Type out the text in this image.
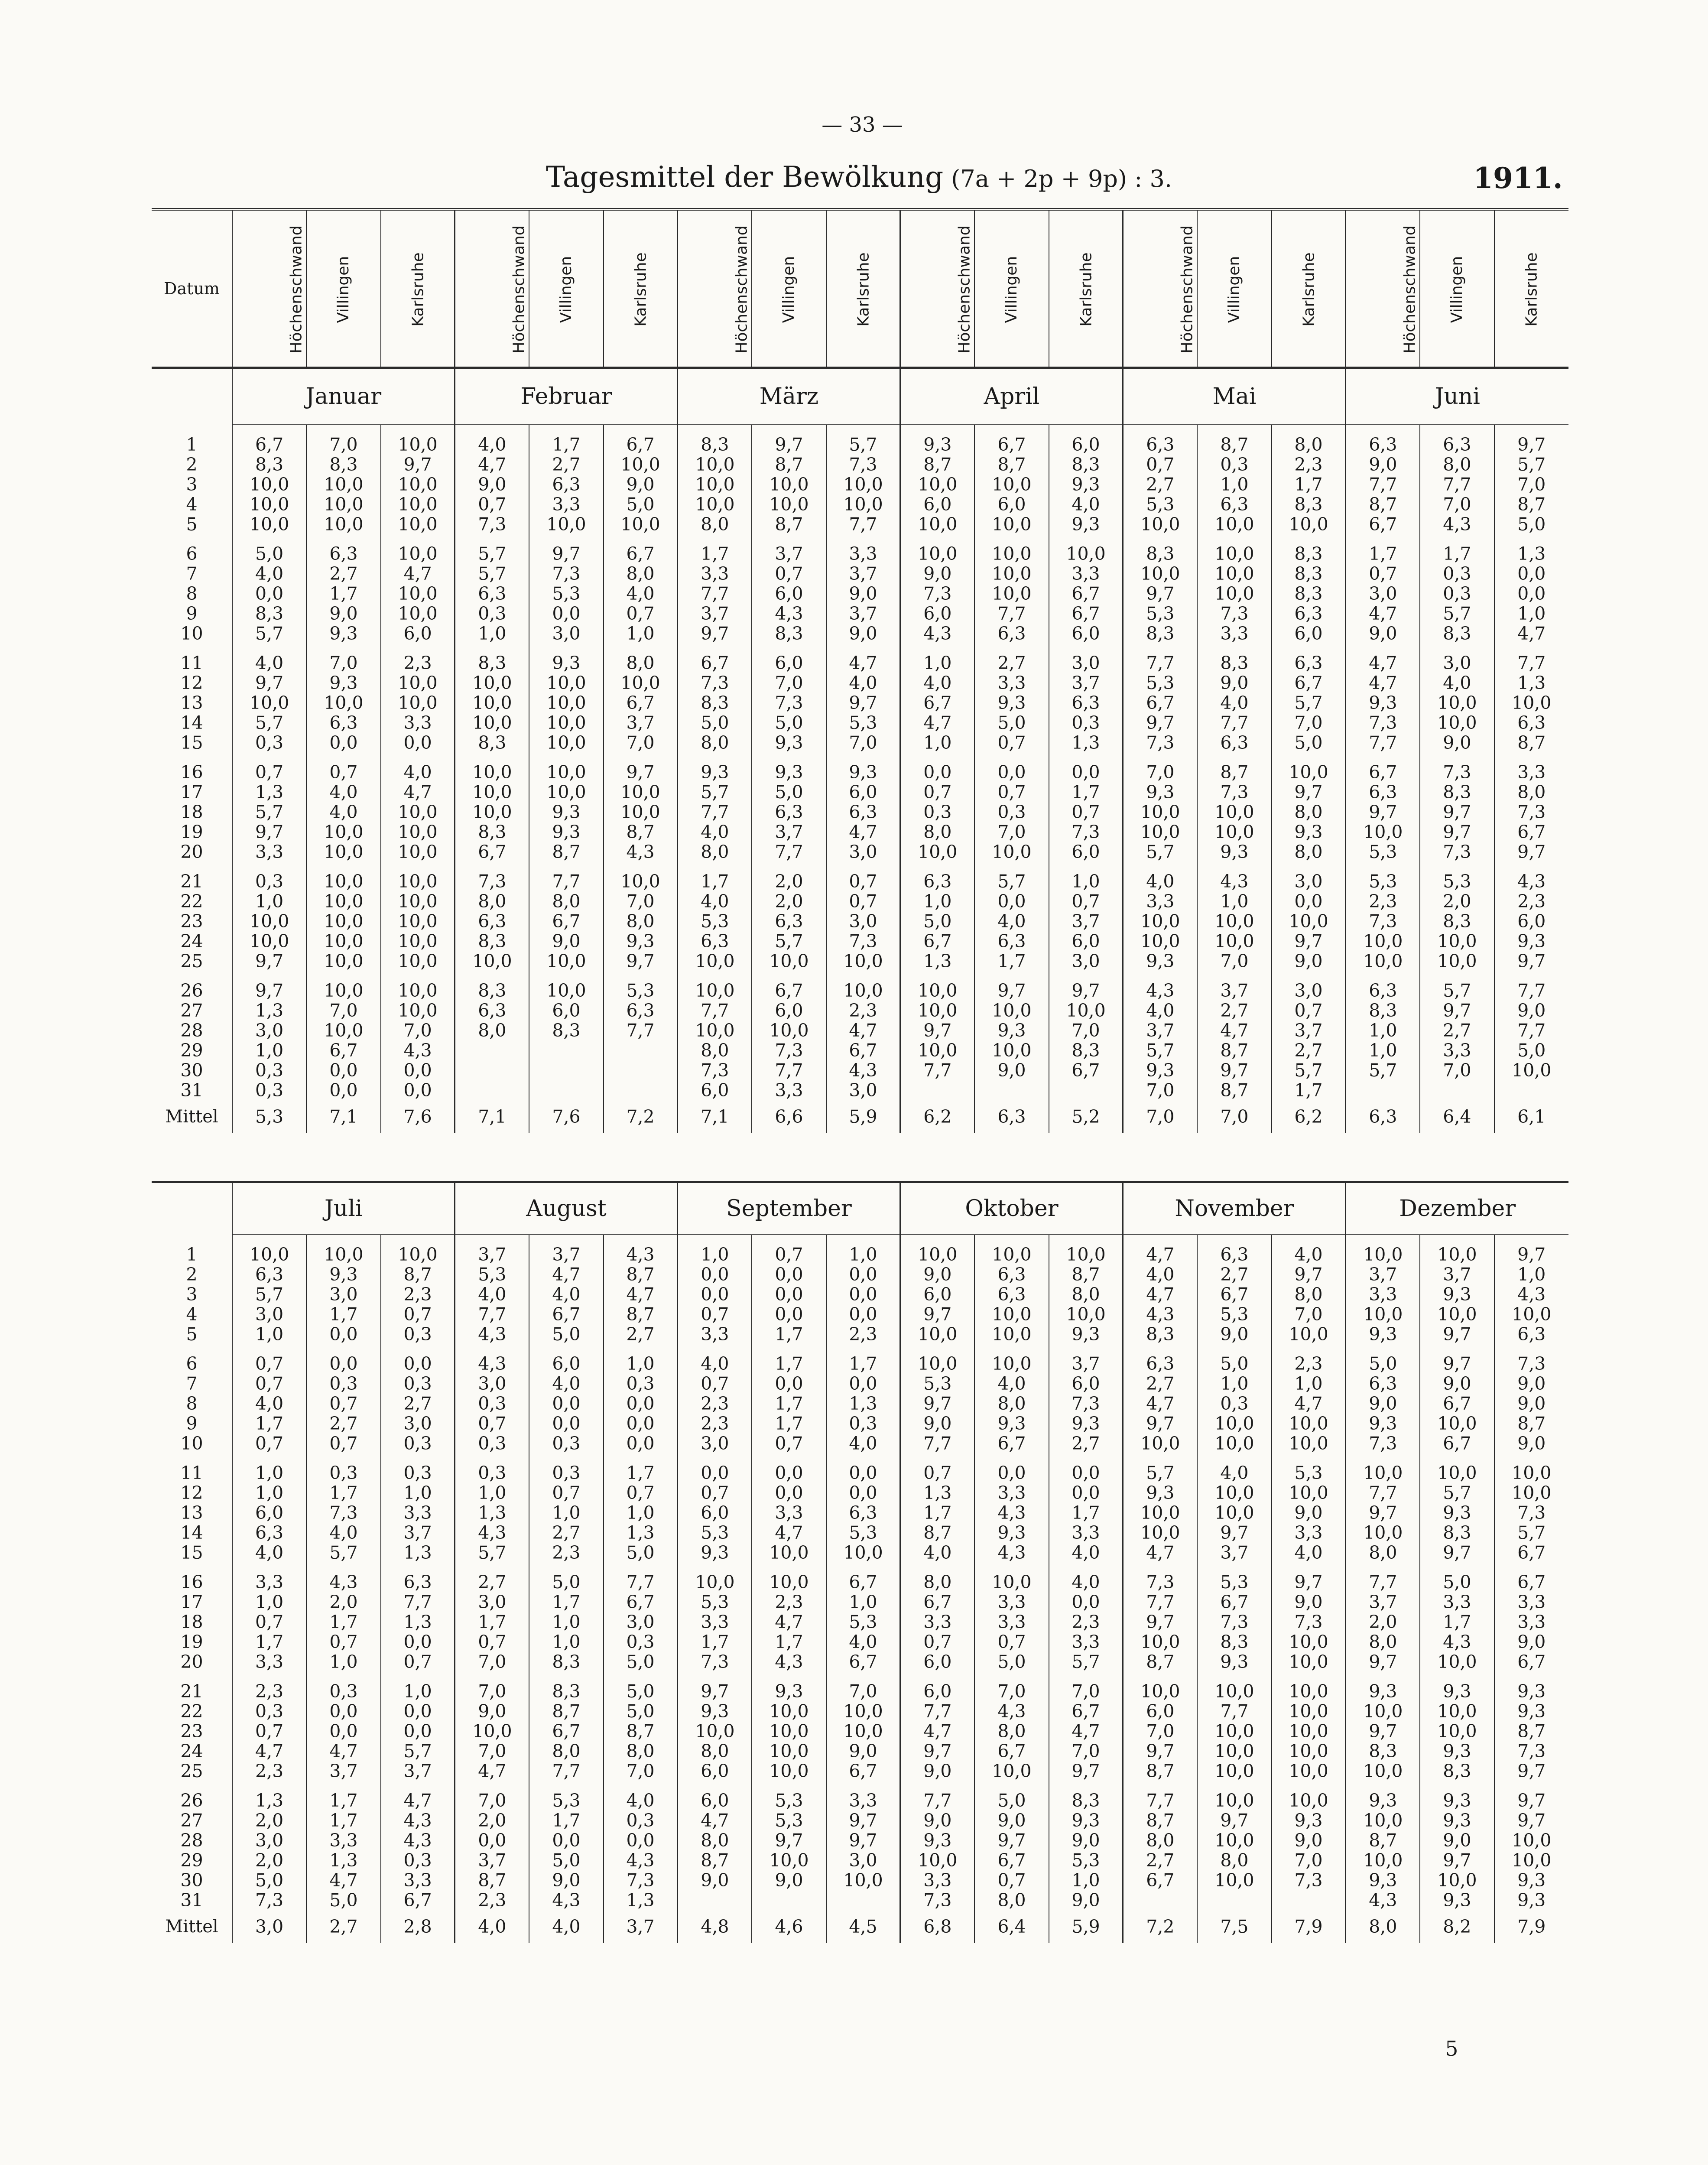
— 33 —
Tagesmittel der Bewölkung (7a + 2p + 9p) : 3.	1911.
Datum	Höchenschwand	Villingen	Karlsruhe	Höchenschwand	Villingen	Karlsruhe	Höchenschwand	Villingen	Karlsruhe	Höchenschwand	Villingen	Karlsruhe	Höchenschwand	Villingen	Karlsruhe	Höchenschwand	Villingen	Karlsruhe
	Januar			Februar			März			April			Mai			Juni		

1	6,7	7,0	10,0	4,0	1,7	6,7	8,3	9,7	5,7	9,3	6,7	6,0	6,3	8,7	8,0	6,3	6,3	9,7
2	8,3	8,3	9,7	4,7	2,7	10,0	10,0	8,7	7,3	8,7	8,7	8,3	0,7	0,3	2,3	9,0	8,0	5,7
3	10,0	10,0	10,0	9,0	6,3	9,0	10,0	10,0	10,0	10,0	10,0	9,3	2,7	1,0	1,7	7,7	7,7	7,0
4	10,0	10,0	10,0	0,7	3,3	5,0	10,0	10,0	10,0	6,0	6,0	4,0	5,3	6,3	8,3	8,7	7,0	8,7
5	10,0	10,0	10,0	7,3	10,0	10,0	8,0	8,7	7,7	10,0	10,0	9,3	10,0	10,0	10,0	6,7	4,3	5,0

6	5,0	6,3	10,0	5,7	9,7	6,7	1,7	3,7	3,3	10,0	10,0	10,0	8,3	10,0	8,3	1,7	1,7	1,3
7	4,0	2,7	4,7	5,7	7,3	8,0	3,3	0,7	3,7	9,0	10,0	3,3	10,0	10,0	8,3	0,7	0,3	0,0
8	0,0	1,7	10,0	6,3	5,3	4,0	7,7	6,0	9,0	7,3	10,0	6,7	9,7	10,0	8,3	3,0	0,3	0,0
9	8,3	9,0	10,0	0,3	0,0	0,7	3,7	4,3	3,7	6,0	7,7	6,7	5,3	7,3	6,3	4,7	5,7	1,0
10	5,7	9,3	6,0	1,0	3,0	1,0	9,7	8,3	9,0	4,3	6,3	6,0	8,3	3,3	6,0	9,0	8,3	4,7

11	4,0	7,0	2,3	8,3	9,3	8,0	6,7	6,0	4,7	1,0	2,7	3,0	7,7	8,3	6,3	4,7	3,0	7,7
12	9,7	9,3	10,0	10,0	10,0	10,0	7,3	7,0	4,0	4,0	3,3	3,7	5,3	9,0	6,7	4,7	4,0	1,3
13	10,0	10,0	10,0	10,0	10,0	6,7	8,3	7,3	9,7	6,7	9,3	6,3	6,7	4,0	5,7	9,3	10,0	10,0
14	5,7	6,3	3,3	10,0	10,0	3,7	5,0	5,0	5,3	4,7	5,0	0,3	9,7	7,7	7,0	7,3	10,0	6,3
15	0,3	0,0	0,0	8,3	10,0	7,0	8,0	9,3	7,0	1,0	0,7	1,3	7,3	6,3	5,0	7,7	9,0	8,7

16	0,7	0,7	4,0	10,0	10,0	9,7	9,3	9,3	9,3	0,0	0,0	0,0	7,0	8,7	10,0	6,7	7,3	3,3
17	1,3	4,0	4,7	10,0	10,0	10,0	5,7	5,0	6,0	0,7	0,7	1,7	9,3	7,3	9,7	6,3	8,3	8,0
18	5,7	4,0	10,0	10,0	9,3	10,0	7,7	6,3	6,3	0,3	0,3	0,7	10,0	10,0	8,0	9,7	9,7	7,3
19	9,7	10,0	10,0	8,3	9,3	8,7	4,0	3,7	4,7	8,0	7,0	7,3	10,0	10,0	9,3	10,0	9,7	6,7
20	3,3	10,0	10,0	6,7	8,7	4,3	8,0	7,7	3,0	10,0	10,0	6,0	5,7	9,3	8,0	5,3	7,3	9,7

21	0,3	10,0	10,0	7,3	7,7	10,0	1,7	2,0	0,7	6,3	5,7	1,0	4,0	4,3	3,0	5,3	5,3	4,3
22	1,0	10,0	10,0	8,0	8,0	7,0	4,0	2,0	0,7	1,0	0,0	0,7	3,3	1,0	0,0	2,3	2,0	2,3
23	10,0	10,0	10,0	6,3	6,7	8,0	5,3	6,3	3,0	5,0	4,0	3,7	10,0	10,0	10,0	7,3	8,3	6,0
24	10,0	10,0	10,0	8,3	9,0	9,3	6,3	5,7	7,3	6,7	6,3	6,0	10,0	10,0	9,7	10,0	10,0	9,3
25	9,7	10,0	10,0	10,0	10,0	9,7	10,0	10,0	10,0	1,3	1,7	3,0	9,3	7,0	9,0	10,0	10,0	9,7

26	9,7	10,0	10,0	8,3	10,0	5,3	10,0	6,7	10,0	10,0	9,7	9,7	4,3	3,7	3,0	6,3	5,7	7,7
27	1,3	7,0	10,0	6,3	6,0	6,3	7,7	6,0	2,3	10,0	10,0	10,0	4,0	2,7	0,7	8,3	9,7	9,0
28	3,0	10,0	7,0	8,0	8,3	7,7	10,0	10,0	4,7	9,7	9,3	7,0	3,7	4,7	3,7	1,0	2,7	7,7
29	1,0	6,7	4,3				8,0	7,3	6,7	10,0	10,0	8,3	5,7	8,7	2,7	1,0	3,3	5,0
30	0,3	0,0	0,0				7,3	7,7	4,3	7,7	9,0	6,7	9,3	9,7	5,7	5,7	7,0	10,0
31	0,3	0,0	0,0				6,0	3,3	3,0				7,0	8,7	1,7			
Mittel	5,3	7,1	7,6	7,1	7,6	7,2	7,1	6,6	5,9	6,2	6,3	5,2	7,0	7,0	6,2	6,3	6,4	6,1

	Juli			August			September			Oktober			November			Dezember		

1	10,0	10,0	10,0	3,7	3,7	4,3	1,0	0,7	1,0	10,0	10,0	10,0	4,7	6,3	4,0	10,0	10,0	9,7
2	6,3	9,3	8,7	5,3	4,7	8,7	0,0	0,0	0,0	9,0	6,3	8,7	4,0	2,7	9,7	3,7	3,7	1,0
3	5,7	3,0	2,3	4,0	4,0	4,7	0,0	0,0	0,0	6,0	6,3	8,0	4,7	6,7	8,0	3,3	9,3	4,3
4	3,0	1,7	0,7	7,7	6,7	8,7	0,7	0,0	0,0	9,7	10,0	10,0	4,3	5,3	7,0	10,0	10,0	10,0
5	1,0	0,0	0,3	4,3	5,0	2,7	3,3	1,7	2,3	10,0	10,0	9,3	8,3	9,0	10,0	9,3	9,7	6,3

6	0,7	0,0	0,0	4,3	6,0	1,0	4,0	1,7	1,7	10,0	10,0	3,7	6,3	5,0	2,3	5,0	9,7	7,3
7	0,7	0,3	0,3	3,0	4,0	0,3	0,7	0,0	0,0	5,3	4,0	6,0	2,7	1,0	1,0	6,3	9,0	9,0
8	4,0	0,7	2,7	0,3	0,0	0,0	2,3	1,7	1,3	9,7	8,0	7,3	4,7	0,3	4,7	9,0	6,7	9,0
9	1,7	2,7	3,0	0,7	0,0	0,0	2,3	1,7	0,3	9,0	9,3	9,3	9,7	10,0	10,0	9,3	10,0	8,7
10	0,7	0,7	0,3	0,3	0,3	0,0	3,0	0,7	4,0	7,7	6,7	2,7	10,0	10,0	10,0	7,3	6,7	9,0

11	1,0	0,3	0,3	0,3	0,3	1,7	0,0	0,0	0,0	0,7	0,0	0,0	5,7	4,0	5,3	10,0	10,0	10,0
12	1,0	1,7	1,0	1,0	0,7	0,7	0,7	0,0	0,0	1,3	3,3	0,0	9,3	10,0	10,0	7,7	5,7	10,0
13	6,0	7,3	3,3	1,3	1,0	1,0	6,0	3,3	6,3	1,7	4,3	1,7	10,0	10,0	9,0	9,7	9,3	7,3
14	6,3	4,0	3,7	4,3	2,7	1,3	5,3	4,7	5,3	8,7	9,3	3,3	10,0	9,7	3,3	10,0	8,3	5,7
15	4,0	5,7	1,3	5,7	2,3	5,0	9,3	10,0	10,0	4,0	4,3	4,0	4,7	3,7	4,0	8,0	9,7	6,7

16	3,3	4,3	6,3	2,7	5,0	7,7	10,0	10,0	6,7	8,0	10,0	4,0	7,3	5,3	9,7	7,7	5,0	6,7
17	1,0	2,0	7,7	3,0	1,7	6,7	5,3	2,3	1,0	6,7	3,3	0,0	7,7	6,7	9,0	3,7	3,3	3,3
18	0,7	1,7	1,3	1,7	1,0	3,0	3,3	4,7	5,3	3,3	3,3	2,3	9,7	7,3	7,3	2,0	1,7	3,3
19	1,7	0,7	0,0	0,7	1,0	0,3	1,7	1,7	4,0	0,7	0,7	3,3	10,0	8,3	10,0	8,0	4,3	9,0
20	3,3	1,0	0,7	7,0	8,3	5,0	7,3	4,3	6,7	6,0	5,0	5,7	8,7	9,3	10,0	9,7	10,0	6,7

21	2,3	0,3	1,0	7,0	8,3	5,0	9,7	9,3	7,0	6,0	7,0	7,0	10,0	10,0	10,0	9,3	9,3	9,3
22	0,3	0,0	0,0	9,0	8,7	5,0	9,3	10,0	10,0	7,7	4,3	6,7	6,0	7,7	10,0	10,0	10,0	9,3
23	0,7	0,0	0,0	10,0	6,7	8,7	10,0	10,0	10,0	4,7	8,0	4,7	7,0	10,0	10,0	9,7	10,0	8,7
24	4,7	4,7	5,7	7,0	8,0	8,0	8,0	10,0	9,0	9,7	6,7	7,0	9,7	10,0	10,0	8,3	9,3	7,3
25	2,3	3,7	3,7	4,7	7,7	7,0	6,0	10,0	6,7	9,0	10,0	9,7	8,7	10,0	10,0	10,0	8,3	9,7

26	1,3	1,7	4,7	7,0	5,3	4,0	6,0	5,3	3,3	7,7	5,0	8,3	7,7	10,0	10,0	9,3	9,3	9,7
27	2,0	1,7	4,3	2,0	1,7	0,3	4,7	5,3	9,7	9,0	9,0	9,3	8,7	9,7	9,3	10,0	9,3	9,7
28	3,0	3,3	4,3	0,0	0,0	0,0	8,0	9,7	9,7	9,3	9,7	9,0	8,0	10,0	9,0	8,7	9,0	10,0
29	2,0	1,3	0,3	3,7	5,0	4,3	8,7	10,0	3,0	10,0	6,7	5,3	2,7	8,0	7,0	10,0	9,7	10,0
30	5,0	4,7	3,3	8,7	9,0	7,3	9,0	9,0	10,0	3,3	0,7	1,0	6,7	10,0	7,3	9,3	10,0	9,3
31	7,3	5,0	6,7	2,3	4,3	1,3				7,3	8,0	9,0				4,3	9,3	9,3
Mittel	3,0	2,7	2,8	4,0	4,0	3,7	4,8	4,6	4,5	6,8	6,4	5,9	7,2	7,5	7,9	8,0	8,2	7,9
5
